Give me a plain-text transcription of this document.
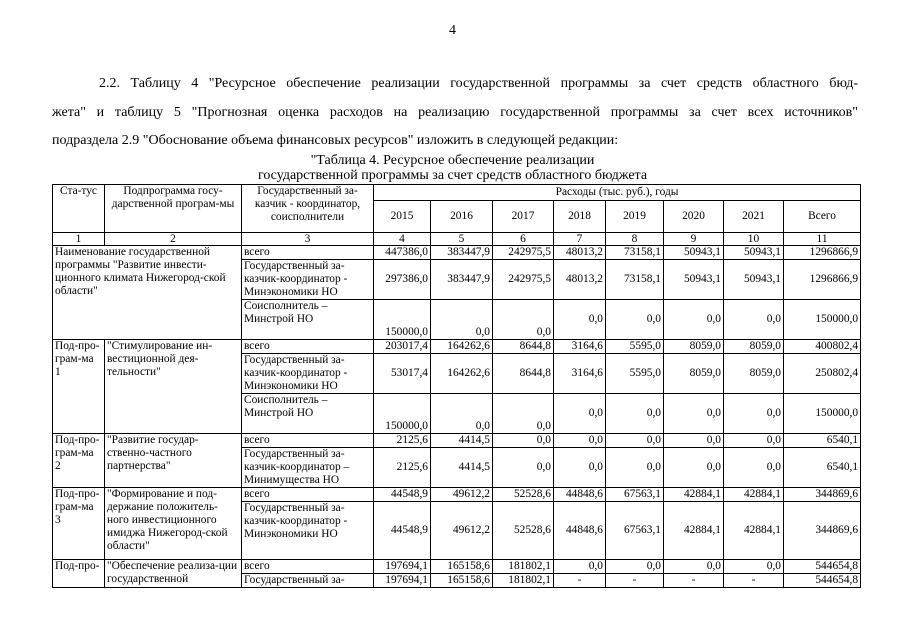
4
2.2. Таблицу 4 "Ресурсное обеспечение реализации государственной программы за счет средств областного бюд-
жета" и таблицу 5 "Прогнозная оценка расходов на реализацию государственной программы за счет всех источников"
подраздела 2.9 "Обоснование объема финансовых ресурсов" изложить в следующей редакции:
"Таблица 4. Ресурсное обеспечение реализации
государственной программы за счет средств областного бюджета
Ста-тус	Подпрограмма госу-дарственной програм-мы	Государственный за-казчик - координатор, соисполнители	Расходы (тыс. руб.), годы							
			2015	2016	2017	2018	2019	2020	2021	Всего
1	2	3	4	5	6	7	8	9	10	11
Наименование государственной программы "Развитие инвести-ционного климата Нижегород-ской области"		всего	447386,0	383447,9	242975,5	48013,2	73158,1	50943,1	50943,1	1296866,9
		Государственный за-казчик-координатор - Минэкономики НО	297386,0	383447,9	242975,5	48013,2	73158,1	50943,1	50943,1	1296866,9
		Соисполнитель – Минстрой НО	150000,0	0,0	0,0	0,0	0,0	0,0	0,0	150000,0
Под-про-грам-ма 1	"Стимулирование ин-вестиционной дея-тельности"	всего	203017,4	164262,6	8644,8	3164,6	5595,0	8059,0	8059,0	400802,4
		Государственный за-казчик-координатор - Минэкономики НО	53017,4	164262,6	8644,8	3164,6	5595,0	8059,0	8059,0	250802,4
		Соисполнитель – Минстрой НО	150000,0	0,0	0,0	0,0	0,0	0,0	0,0	150000,0
Под-про-грам-ма 2	"Развитие государ-ственно-частного партнерства"	всего	2125,6	4414,5	0,0	0,0	0,0	0,0	0,0	6540,1
		Государственный за-казчик-координатор – Минимущества НО	2125,6	4414,5	0,0	0,0	0,0	0,0	0,0	6540,1
Под-про-грам-ма 3	"Формирование и под-держание положитель-ного инвестиционного имиджа Нижегород-ской области"	всего	44548,9	49612,2	52528,6	44848,6	67563,1	42884,1	42884,1	344869,6
		Государственный за-казчик-координатор - Минэкономики НО	44548,9	49612,2	52528,6	44848,6	67563,1	42884,1	42884,1	344869,6
Под-про-	"Обеспечение реализа-ции государственной	всего	197694,1	165158,6	181802,1	0,0	0,0	0,0	0,0	544654,8
		Государственный за-	197694,1	165158,6	181802,1	-	-	-	-	544654,8
